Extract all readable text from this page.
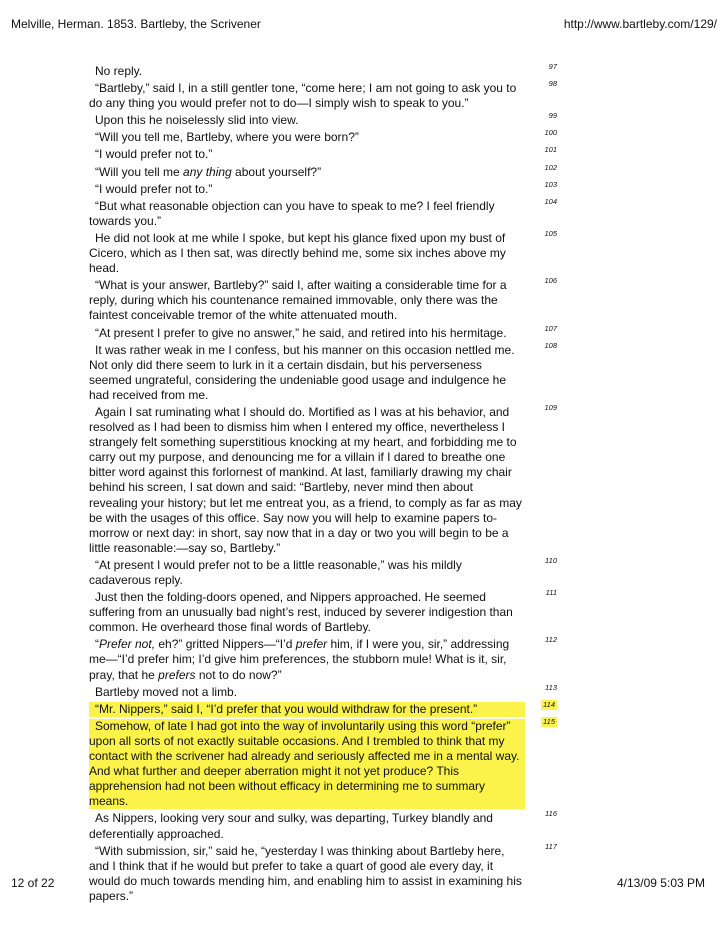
Melville, Herman. 1853. Bartleby, the Scrivener	http://www.bartleby.com/129/
No reply.	97
“Bartleby,” said I, in a still gentler tone, “come here; I am not going to ask you to do any thing you would prefer not to do—I simply wish to speak to you.”
98
Upon this he noiselessly slid into view.	99
“Will you tell me, Bartleby, where you were born?”	100
“I would prefer not to.”	101
“Will you tell me any thing about yourself?”	102
“I would prefer not to.”	103
“But what reasonable objection can you have to speak to me? I feel friendly towards you.”
104
He did not look at me while I spoke, but kept his glance fixed upon my bust of Cicero, which as I then sat, was directly behind me, some six inches above my head.
105
“What is your answer, Bartleby?” said I, after waiting a considerable time for a reply, during which his countenance remained immovable, only there was the faintest conceivable tremor of the white attenuated mouth.
106
“At present I prefer to give no answer,” he said, and retired into his hermitage.	107
It was rather weak in me I confess, but his manner on this occasion nettled me. Not only did there seem to lurk in it a certain disdain, but his perverseness seemed ungrateful, considering the undeniable good usage and indulgence he had received from me.
108
Again I sat ruminating what I should do. Mortified as I was at his behavior, and resolved as I had been to dismiss him when I entered my office, nevertheless I strangely felt something superstitious knocking at my heart, and forbidding me to carry out my purpose, and denouncing me for a villain if I dared to breathe one bitter word against this forlornest of mankind. At last, familiarly drawing my chair behind his screen, I sat down and said: “Bartleby, never mind then about revealing your history; but let me entreat you, as a friend, to comply as far as may be with the usages of this office. Say now you will help to examine papers to-morrow or next day: in short, say now that in a day or two you will begin to be a little reasonable:—say so, Bartleby.”
109
“At present I would prefer not to be a little reasonable,” was his mildly cadaverous reply.
110
Just then the folding-doors opened, and Nippers approached. He seemed suffering from an unusually bad night’s rest, induced by severer indigestion than common. He overheard those final words of Bartleby.
111
“Prefer not, eh?” gritted Nippers—“I’d prefer him, if I were you, sir,” addressing me—“I’d prefer him; I’d give him preferences, the stubborn mule! What is it, sir, pray, that he prefers not to do now?”
112
Bartleby moved not a limb.	113
“Mr. Nippers,” said I, “I’d prefer that you would withdraw for the present.”	114
Somehow, of late I had got into the way of involuntarily using this word “prefer” upon all sorts of not exactly suitable occasions. And I trembled to think that my contact with the scrivener had already and seriously affected me in a mental way. And what further and deeper aberration might it not yet produce? This apprehension had not been without efficacy in determining me to summary means.
115
As Nippers, looking very sour and sulky, was departing, Turkey blandly and deferentially approached.
116
“With submission, sir,” said he, “yesterday I was thinking about Bartleby here, and I think that if he would but prefer to take a quart of good ale every day, it would do much towards mending him, and enabling him to assist in examining his papers.”
117
12 of 22	4/13/09 5:03 PM
